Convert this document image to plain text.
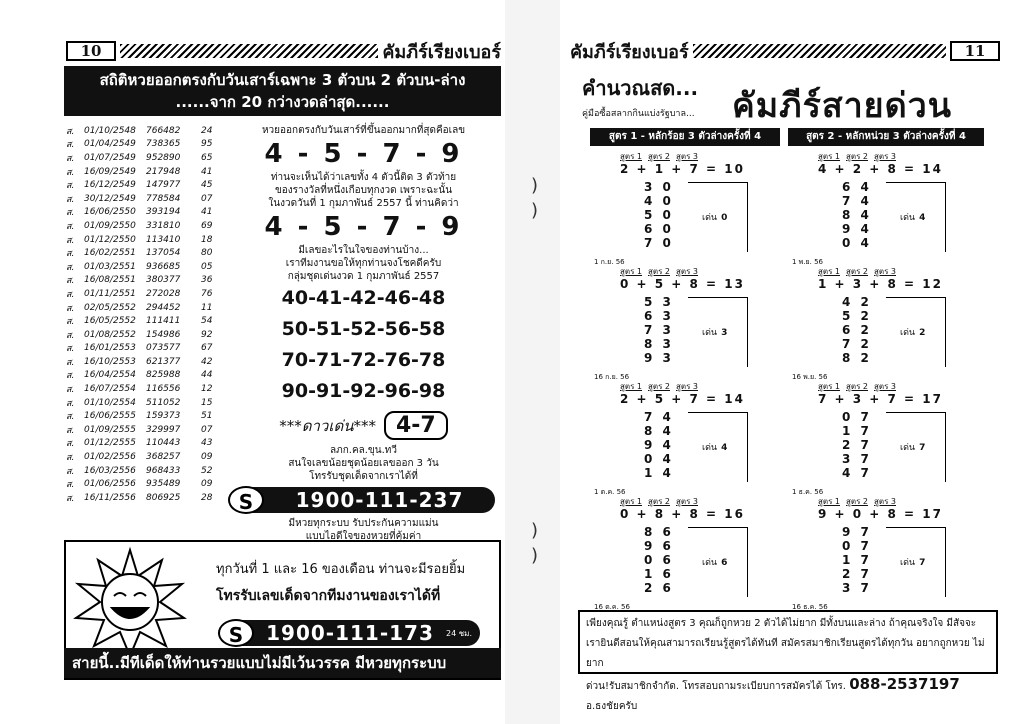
10	คัมภีร์เรียงเบอร์
สถิติหวยออกตรงกับวันเสาร์เฉพาะ 3 ตัวบน 2 ตัวบน-ล่าง
......จาก 20 กว่างวดล่าสุด......
ส.	01/10/2548	766482	24
ส.	01/04/2549	738365	95
ส.	01/07/2549	952890	65
ส.	16/09/2549	217948	41
ส.	16/12/2549	147977	45
ส.	30/12/2549	778584	07
ส.	16/06/2550	393194	41
ส.	01/09/2550	331810	69
ส.	01/12/2550	113410	18
ส.	16/02/2551	137054	80
ส.	01/03/2551	936685	05
ส.	16/08/2551	380377	36
ส.	01/11/2551	272028	76
ส.	02/05/2552	294452	11
ส.	16/05/2552	111411	54
ส.	01/08/2552	154986	92
ส.	16/01/2553	073577	67
ส.	16/10/2553	621377	42
ส.	16/04/2554	825988	44
ส.	16/07/2554	116556	12
ส.	01/10/2554	511052	15
ส.	16/06/2555	159373	51
ส.	01/09/2555	329997	07
ส.	01/12/2555	110443	43
ส.	01/02/2556	368257	09
ส.	16/03/2556	968433	52
ส.	01/06/2556	935489	09
ส.	16/11/2556	806925	28
หวยออกตรงกับวันเสาร์ที่ขึ้นออกมากที่สุดคือเลข
4 - 5 - 7 - 9
ท่านจะเห็นได้ว่าเลขทั้ง 4 ตัวนี้ติด 3 ตัวท้าย
ของรางวัลที่หนึ่งเกือบทุกงวด เพราะฉะนั้น
ในงวดวันที่ 1 กุมภาพันธ์ 2557 นี้ ท่านคิดว่า
4 - 5 - 7 - 9
มีเลขอะไรในใจของท่านบ้าง...
เราทีมงานขอให้ทุกท่านจงโชคดีครับ
กลุ่มชุดเด่นงวด 1 กุมภาพันธ์ 2557
40-41-42-46-48
50-51-52-56-58
70-71-72-76-78
90-91-92-96-98
***ดาวเด่น*** 4-7
ลภก.คล.ขุน.ทวี
สนใจเลขน้อยชุดน้อยเลขออก 3 วัน
โทรรับชุดเด็ดจากเราได้ที่
S	1900-111-237
มีหวยทุกระบบ รับประกันความแม่น
แบบไอดีใจของหวยที่คุ้มค่า
ทุกวันที่ 1 และ 16 ของเดือน ท่านจะมีรอยยิ้ม
โทรรับเลขเด็ดจากทีมงานของเราได้ที่
S	1900-111-173	24 ชม.
สายนี้..มีทีเด็ดให้ท่านรวยแบบไม่มีเว้นวรรค มีหวยทุกระบบ
)
)
)
)
คัมภีร์เรียงเบอร์	11
คำนวณสด...
คู่มือซื้อสลากกินแบ่งรัฐบาล... คัมภีร์สายด่วน
สูตร 1 - หลักร้อย 3 ตัวล่างครั้งที่ 4	สูตร 2 - หลักหน่วย 3 ตัวล่างครั้งที่ 4
สูตร 1 สูตร 2 สูตร 3
2 + 1 + 7 = 10
3 0
4 0
5 0
6 0
7 0
เด่น 0
1 ก.ย. 56
สูตร 1 สูตร 2 สูตร 3
4 + 2 + 8 = 14
6 4
7 4
8 4
9 4
0 4
เด่น 4
1 พ.ย. 56
สูตร 1 สูตร 2 สูตร 3
0 + 5 + 8 = 13
5 3
6 3
7 3
8 3
9 3
เด่น 3
16 ก.ย. 56
สูตร 1 สูตร 2 สูตร 3
1 + 3 + 8 = 12
4 2
5 2
6 2
7 2
8 2
เด่น 2
16 พ.ย. 56
สูตร 1 สูตร 2 สูตร 3
2 + 5 + 7 = 14
7 4
8 4
9 4
0 4
1 4
เด่น 4
1 ต.ค. 56
สูตร 1 สูตร 2 สูตร 3
7 + 3 + 7 = 17
0 7
1 7
2 7
3 7
4 7
เด่น 7
1 ธ.ค. 56
สูตร 1 สูตร 2 สูตร 3
0 + 8 + 8 = 16
8 6
9 6
0 6
1 6
2 6
เด่น 6
16 ต.ค. 56
สูตร 1 สูตร 2 สูตร 3
9 + 0 + 8 = 17
9 7
0 7
1 7
2 7
3 7
เด่น 7
16 ธ.ค. 56
เพียงคุณรู้ ตำแหน่งสูตร 3 คุณก็ถูกหวย 2 ตัวได้ไม่ยาก มีทั้งบนและล่าง ถ้าคุณจริงใจ มีสัจจะ
เรายินดีสอนให้คุณสามารถเรียนรู้สูตรได้ทันที สมัครสมาชิกเรียนสูตรได้ทุกวัน อยากถูกหวย ไม่ยาก
ด่วน!รับสมาชิกจำกัด. โทรสอบถามระเบียบการสมัครได้ โทร. 088-2537197 อ.ธงชัยครับ
